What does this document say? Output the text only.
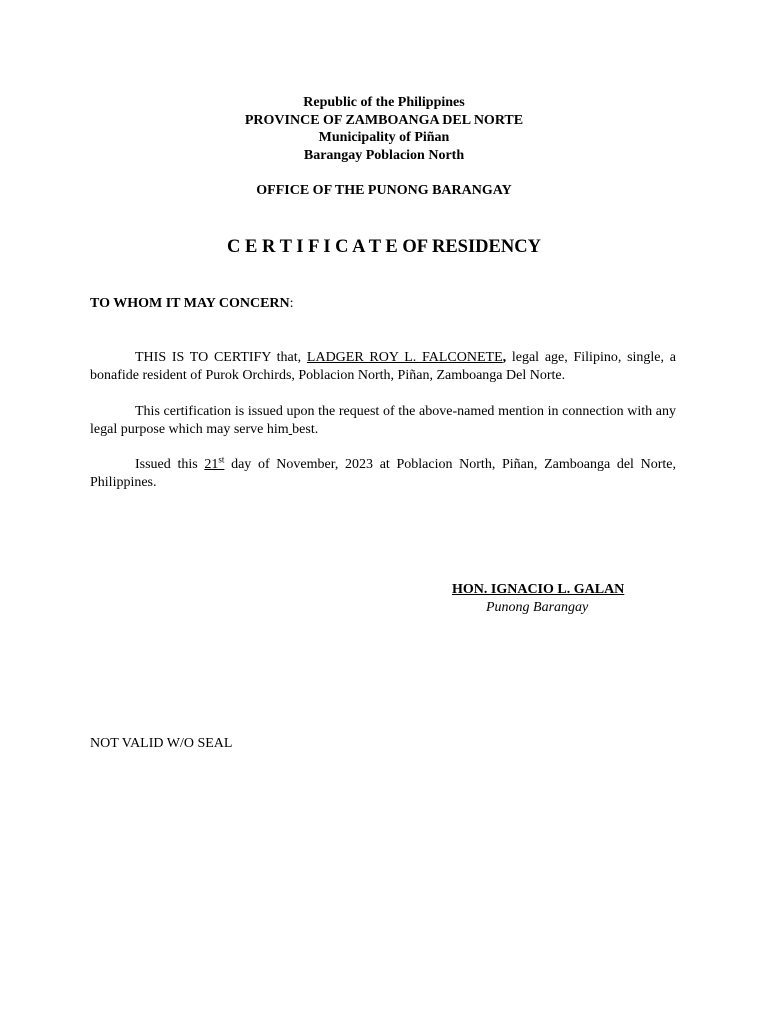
Republic of the Philippines
PROVINCE OF ZAMBOANGA DEL NORTE
Municipality of Piñan
Barangay Poblacion North
OFFICE OF THE PUNONG BARANGAY
C E R T I F I C A T E OF RESIDENCY
TO WHOM IT MAY CONCERN:
THIS IS TO CERTIFY that, LADGER ROY L. FALCONETE, legal age, Filipino, single, a bonafide resident of Purok Orchirds, Poblacion North, Piñan, Zamboanga Del Norte.
This certification is issued upon the request of the above-named mention in connection with any legal purpose which may serve him best.
Issued this 21st day of November, 2023 at Poblacion North, Piñan, Zamboanga del Norte, Philippines.
HON. IGNACIO L. GALAN
Punong Barangay
NOT VALID W/O SEAL
